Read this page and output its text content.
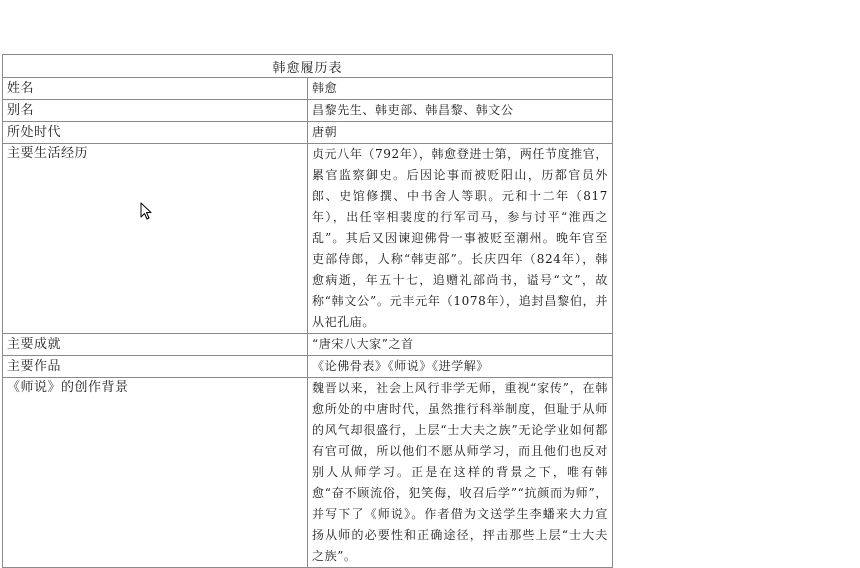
韩愈履历表	
姓名	韩愈
别名	昌黎先生、韩吏部、韩昌黎、韩文公
所处时代	唐朝
主要生活经历	贞元八年（792年），韩愈登进士第，两任节度推官，累官监察御史。后因论事而被贬阳山，历都官员外郎、史馆修撰、中书舍人等职。元和十二年（817年），出任宰相裴度的行军司马，参与讨平“淮西之乱”。其后又因谏迎佛骨一事被贬至潮州。晚年官至吏部侍郎，人称“韩吏部”。长庆四年（824年），韩愈病逝，年五十七，追赠礼部尚书，谥号“文”，故称“韩文公”。元丰元年（1078年），追封昌黎伯，并从祀孔庙。
主要成就	“唐宋八大家”之首
主要作品	《论佛骨表》《师说》《进学解》
《师说》的创作背景	魏晋以来，社会上风行非学无师，重视“家传”，在韩愈所处的中唐时代，虽然推行科举制度，但耻于从师的风气却很盛行，上层“士大夫之族”无论学业如何都有官可做，所以他们不愿从师学习，而且他们也反对别人从师学习。正是在这样的背景之下，唯有韩愈“奋不顾流俗，犯笑侮，收召后学”“抗颜而为师”，并写下了《师说》。作者借为文送学生李蟠来大力宣扬从师的必要性和正确途径，抨击那些上层“士大夫之族”。
